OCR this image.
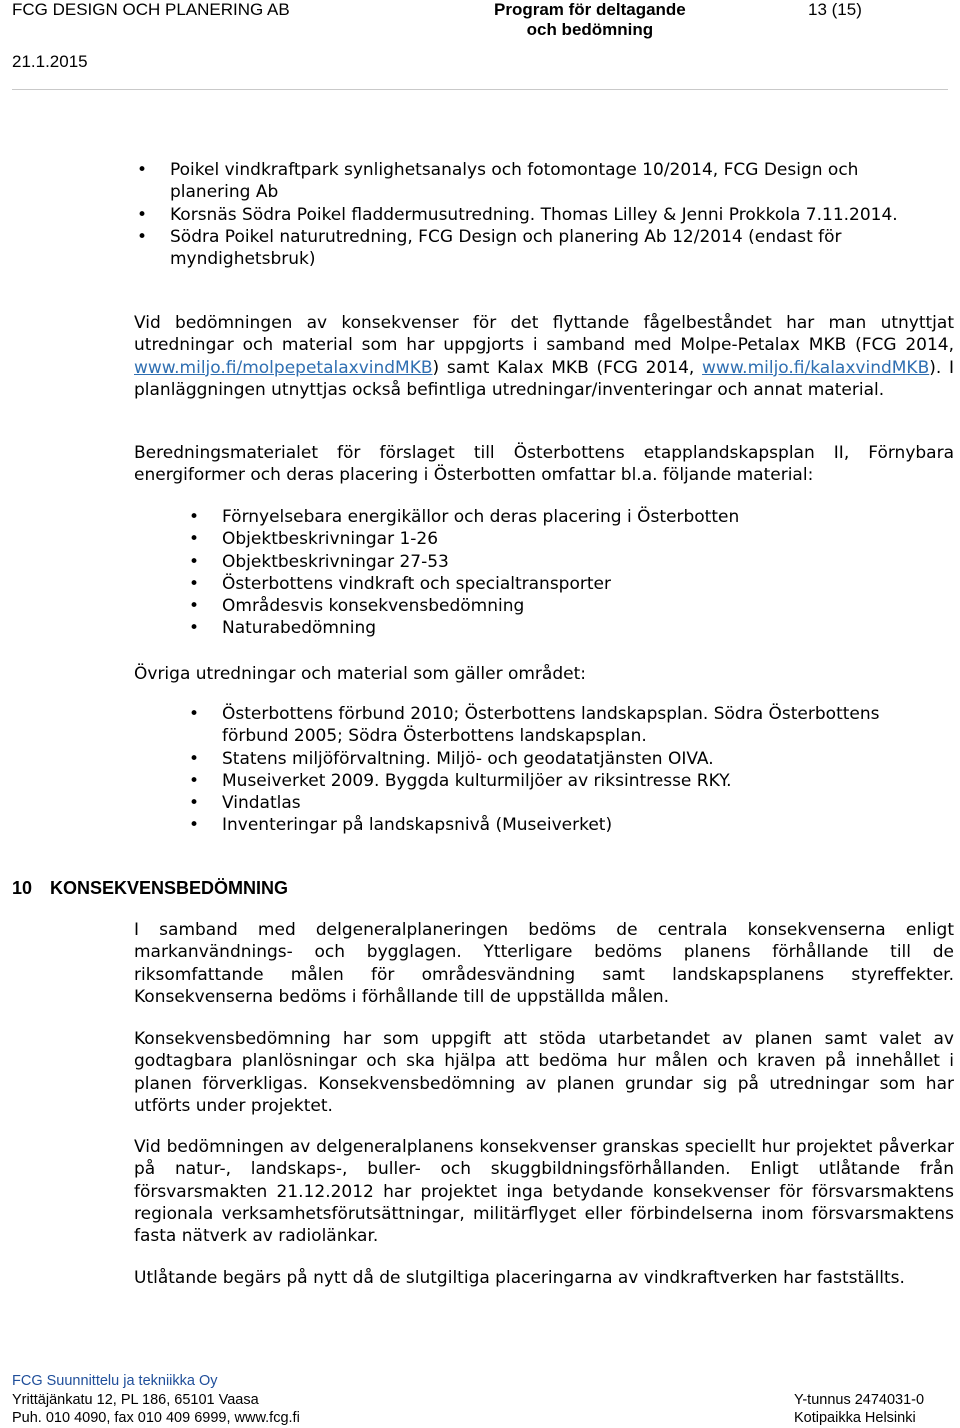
FCG DESIGN OCH PLANERING AB
21.1.2015
Program för deltagande
och bedömning
13 (15)
• Poikel vindkraftpark synlighetsanalys och fotomontage 10/2014, FCG Design och planering Ab
• Korsnäs Södra Poikel fladdermusutredning. Thomas Lilley & Jenni Prokkola 7.11.2014.
• Södra Poikel naturutredning, FCG Design och planering Ab 12/2014 (endast för myndighetsbruk)

Vid bedömningen av konsekvenser för det flyttande fågelbeståndet har man utnyttjat utredningar och material som har uppgjorts i samband med Molpe-Petalax MKB (FCG 2014, www.miljo.fi/molpepetalaxvindMKB) samt Kalax MKB (FCG 2014, www.miljo.fi/kalaxvindMKB). I planläggningen utnyttjas också befintliga utredningar/inventeringar och annat material.

Beredningsmaterialet för förslaget till Österbottens etapplandskapsplan II, Förnybara energiformer och deras placering i Österbotten omfattar bl.a. följande material:

• Förnyelsebara energikällor och deras placering i Österbotten
• Objektbeskrivningar 1-26
• Objektbeskrivningar 27-53
• Österbottens vindkraft och specialtransporter
• Områdesvis konsekvensbedömning
• Naturabedömning

Övriga utredningar och material som gäller området:

• Österbottens förbund 2010; Österbottens landskapsplan. Södra Österbottens förbund 2005; Södra Österbottens landskapsplan.
• Statens miljöförvaltning. Miljö- och geodatatjänsten OIVA.
• Museiverket 2009. Byggda kulturmiljöer av riksintresse RKY.
• Vindatlas
• Inventeringar på landskapsnivå (Museiverket)
10 KONSEKVENSBEDÖMNING

I samband med delgeneralplaneringen bedöms de centrala konsekvenserna enligt markanvändnings- och bygglagen. Ytterligare bedöms planens förhållande till de riksomfattande målen för områdesvändning samt landskapsplanens styreffekter. Konsekvenserna bedöms i förhållande till de uppställda målen.

Konsekvensbedömning har som uppgift att stöda utarbetandet av planen samt valet av godtagbara planlösningar och ska hjälpa att bedöma hur målen och kraven på innehållet i planen förverkligas. Konsekvensbedömning av planen grundar sig på utredningar som har utförts under projektet.

Vid bedömningen av delgeneralplanens konsekvenser granskas speciellt hur projektet påverkar på natur-, landskaps-, buller- och skuggbildningsförhållanden. Enligt utlåtande från försvarsmakten 21.12.2012 har projektet inga betydande konsekvenser för försvarsmaktens regionala verksamhetsförutsättningar, militärflyget eller förbindelserna inom försvarsmaktens fasta nätverk av radiolänkar.

Utlåtande begärs på nytt då de slutgiltiga placeringarna av vindkraftverken har fastställts.

FCG Suunnittelu ja tekniikka Oy
Yrittäjänkatu 12, PL 186, 65101 Vaasa
Puh. 010 4090, fax 010 409 6999, www.fcg.fi
Y-tunnus 2474031-0
Kotipaikka Helsinki
